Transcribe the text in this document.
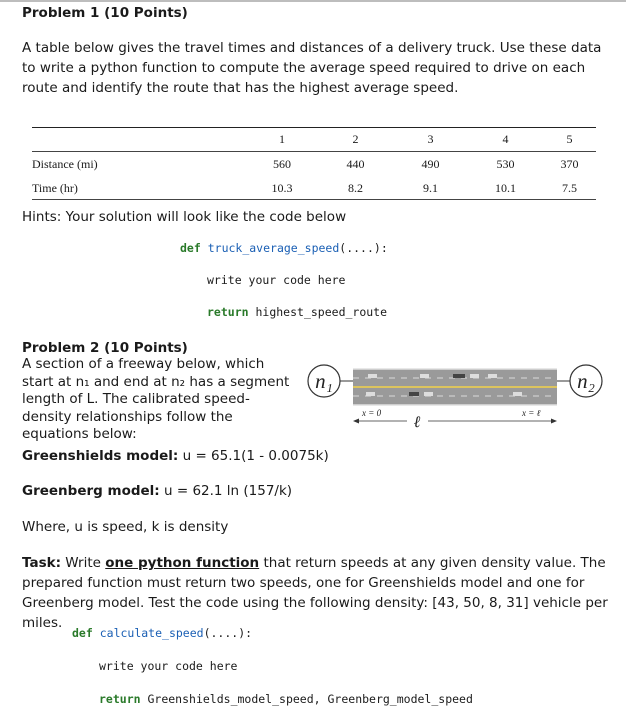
Problem 1 (10 Points)
A table below gives the travel times and distances of a delivery truck. Use these data to write a python function to compute the average speed required to drive on each route and identify the route that has the highest average speed.
	1	2	3	4	5
Distance (mi)	560	440	490	530	370
Time (hr)	10.3	8.2	9.1	10.1	7.5
Hints: Your solution will look like the code below
def truck_average_speed(....):
write your code here
return highest_speed_route
Problem 2 (10 Points)
A section of a freeway below, which start at n₁ and end at n₂ has a segment length of L. The calibrated speed-density relationships follow the equations below:
n₁	n₂
x = 0	x = ℓ
ℓ
Greenshields model: u = 65.1(1 - 0.0075k)
Greenberg model: u = 62.1 ln (157/k)
Where, u is speed, k is density
Task: Write one python function that return speeds at any given density value. The prepared function must return two speeds, one for Greenshields model and one for Greenberg model. Test the code using the following density: [43, 50, 8, 31] vehicle per miles.
def calculate_speed(....):
write your code here
return Greenshields_model_speed, Greenberg_model_speed
